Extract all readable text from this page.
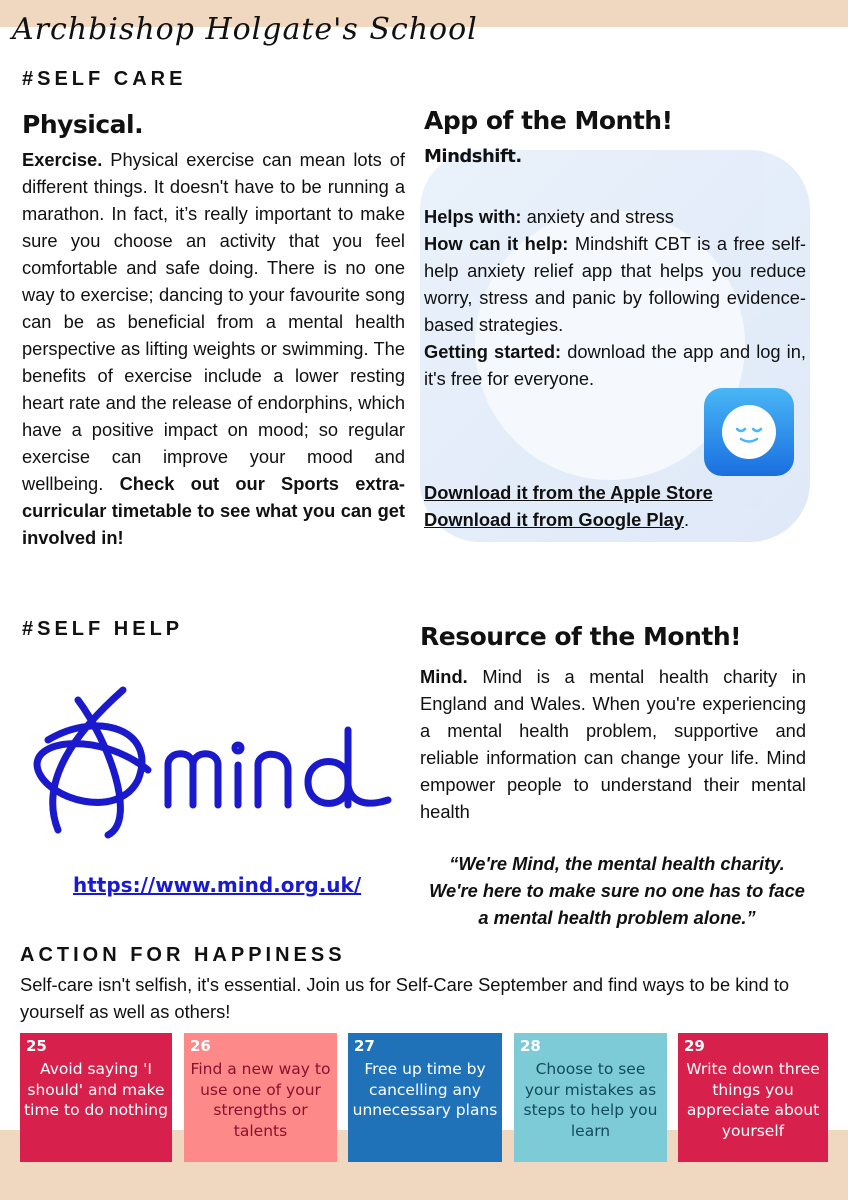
Archbishop Holgate's School
#SELF CARE
Physical.
Exercise. Physical exercise can mean lots of different things. It doesn't have to be running a marathon. In fact, it’s really important to make sure you choose an activity that you feel comfortable and safe doing. There is no one way to exercise; dancing to your favourite song can be as beneficial from a mental health perspective as lifting weights or swimming. The benefits of exercise include a lower resting heart rate and the release of endorphins, which have a positive impact on mood; so regular exercise can improve your mood and wellbeing. Check out our Sports extra-curricular timetable to see what you can get involved in!
App of the Month!
Mindshift.
Helps with: anxiety and stress
How can it help: Mindshift CBT is a free self-help anxiety relief app that helps you reduce worry, stress and panic by following evidence-based strategies.
Getting started: download the app and log in, it's free for everyone.
Download it from the Apple Store
Download it from Google Play.
#SELF HELP
https://www.mind.org.uk/
Resource of the Month!
Mind. Mind is a mental health charity in England and Wales. When you're experiencing a mental health problem, supportive and reliable information can change your life. Mind empower people to understand their mental health
“We're Mind, the mental health charity. We're here to make sure no one has to face a mental health problem alone.”
ACTION FOR HAPPINESS
Self-care isn't selfish, it's essential. Join us for Self-Care September and find ways to be kind to yourself as well as others!
25
Avoid saying 'I should' and make time to do nothing
26
Find a new way to use one of your strengths or talents
27
Free up time by cancelling any unnecessary plans
28
Choose to see your mistakes as steps to help you learn
29
Write down three things you appreciate about yourself
